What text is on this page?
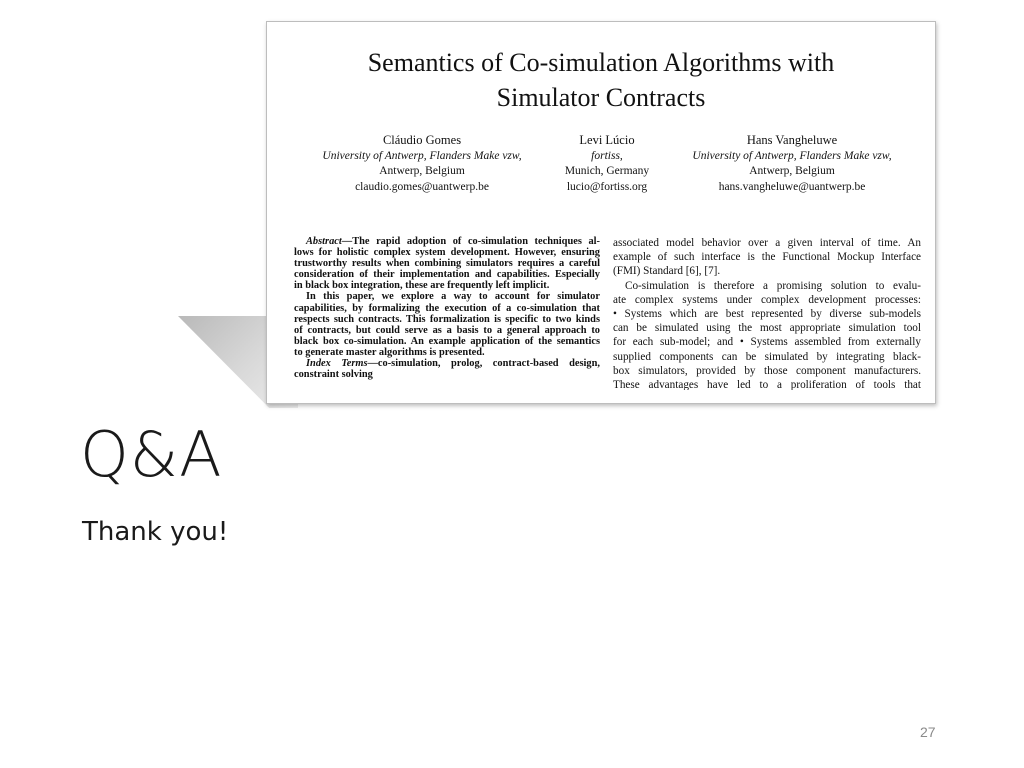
Semantics of Co-simulation Algorithms with
Simulator Contracts
Cláudio Gomes
University of Antwerp, Flanders Make vzw,
Antwerp, Belgium
claudio.gomes@uantwerp.be
Levi Lúcio
fortiss,
Munich, Germany
lucio@fortiss.org
Hans Vangheluwe
University of Antwerp, Flanders Make vzw,
Antwerp, Belgium
hans.vangheluwe@uantwerp.be
Abstract—The rapid adoption of co-simulation techniques al-
lows for holistic complex system development. However, ensuring
trustworthy results when combining simulators requires a careful
consideration of their implementation and capabilities. Especially
in black box integration, these are frequently left implicit.
In this paper, we explore a way to account for simulator
capabilities, by formalizing the execution of a co-simulation that
respects such contracts. This formalization is specific to two kinds
of contracts, but could serve as a basis to a general approach to
black box co-simulation. An example application of the semantics
to generate master algorithms is presented.
Index Terms—co-simulation, prolog, contract-based design,
constraint solving
associated model behavior over a given interval of time. An
example of such interface is the Functional Mockup Interface
(FMI) Standard [6], [7].
Co-simulation is therefore a promising solution to evalu-
ate complex systems under complex development processes:
• Systems which are best represented by diverse sub-models
can be simulated using the most appropriate simulation tool
for each sub-model; and • Systems assembled from externally
supplied components can be simulated by integrating black-
box simulators, provided by those component manufacturers.
These advantages have led to a proliferation of tools that
Q&A
Thank you!
27
